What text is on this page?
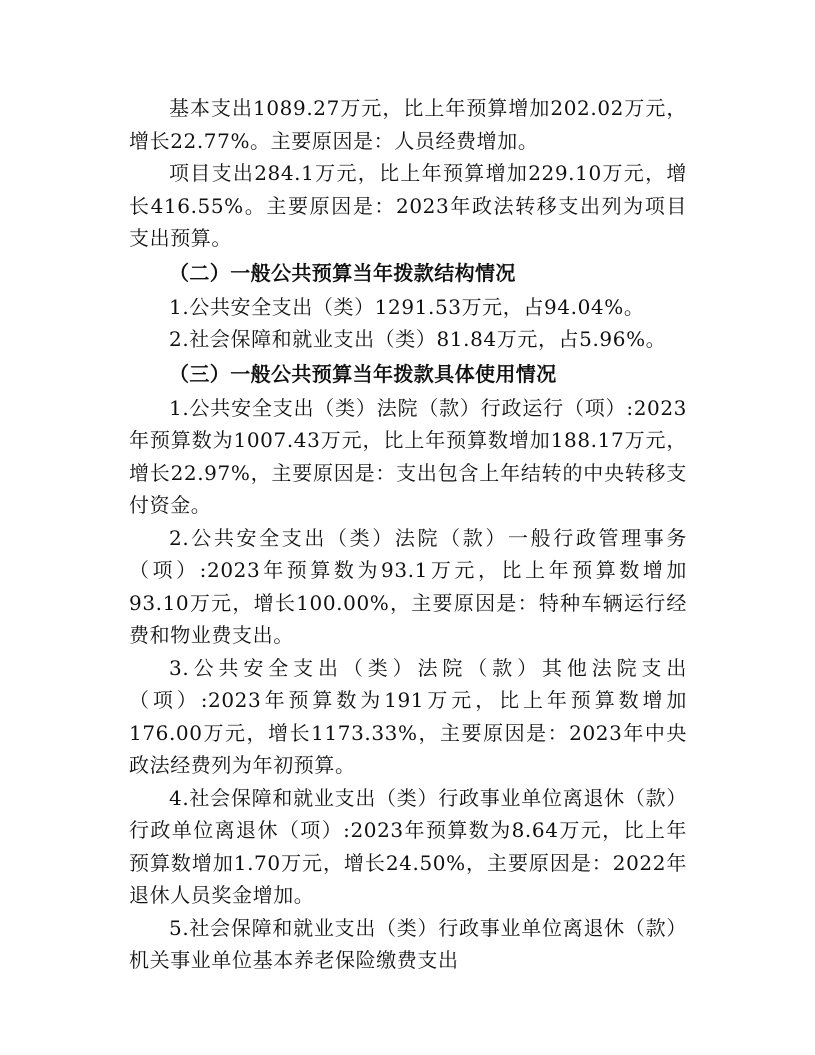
基本支出1089.27万元，比上年预算增加202.02万元，增长22.77%。主要原因是：人员经费增加。

项目支出284.1万元，比上年预算增加229.10万元，增长416.55%。主要原因是：2023年政法转移支出列为项目支出预算。

（二）一般公共预算当年拨款结构情况

1.公共安全支出（类）1291.53万元，占94.04%。

2.社会保障和就业支出（类）81.84万元，占5.96%。

（三）一般公共预算当年拨款具体使用情况

1.公共安全支出（类）法院（款）行政运行（项）:2023年预算数为1007.43万元，比上年预算数增加188.17万元，增长22.97%，主要原因是：支出包含上年结转的中央转移支付资金。

2.公共安全支出（类）法院（款）一般行政管理事务（项）:2023年预算数为93.1万元，比上年预算数增加93.10万元，增长100.00%，主要原因是：特种车辆运行经费和物业费支出。

3.公共安全支出（类）法院（款）其他法院支出（项）:2023年预算数为191万元，比上年预算数增加176.00万元，增长1173.33%，主要原因是：2023年中央政法经费列为年初预算。

4.社会保障和就业支出（类）行政事业单位离退休（款）行政单位离退休（项）:2023年预算数为8.64万元，比上年预算数增加1.70万元，增长24.50%，主要原因是：2022年退休人员奖金增加。

5.社会保障和就业支出（类）行政事业单位离退休（款）机关事业单位基本养老保险缴费支出
